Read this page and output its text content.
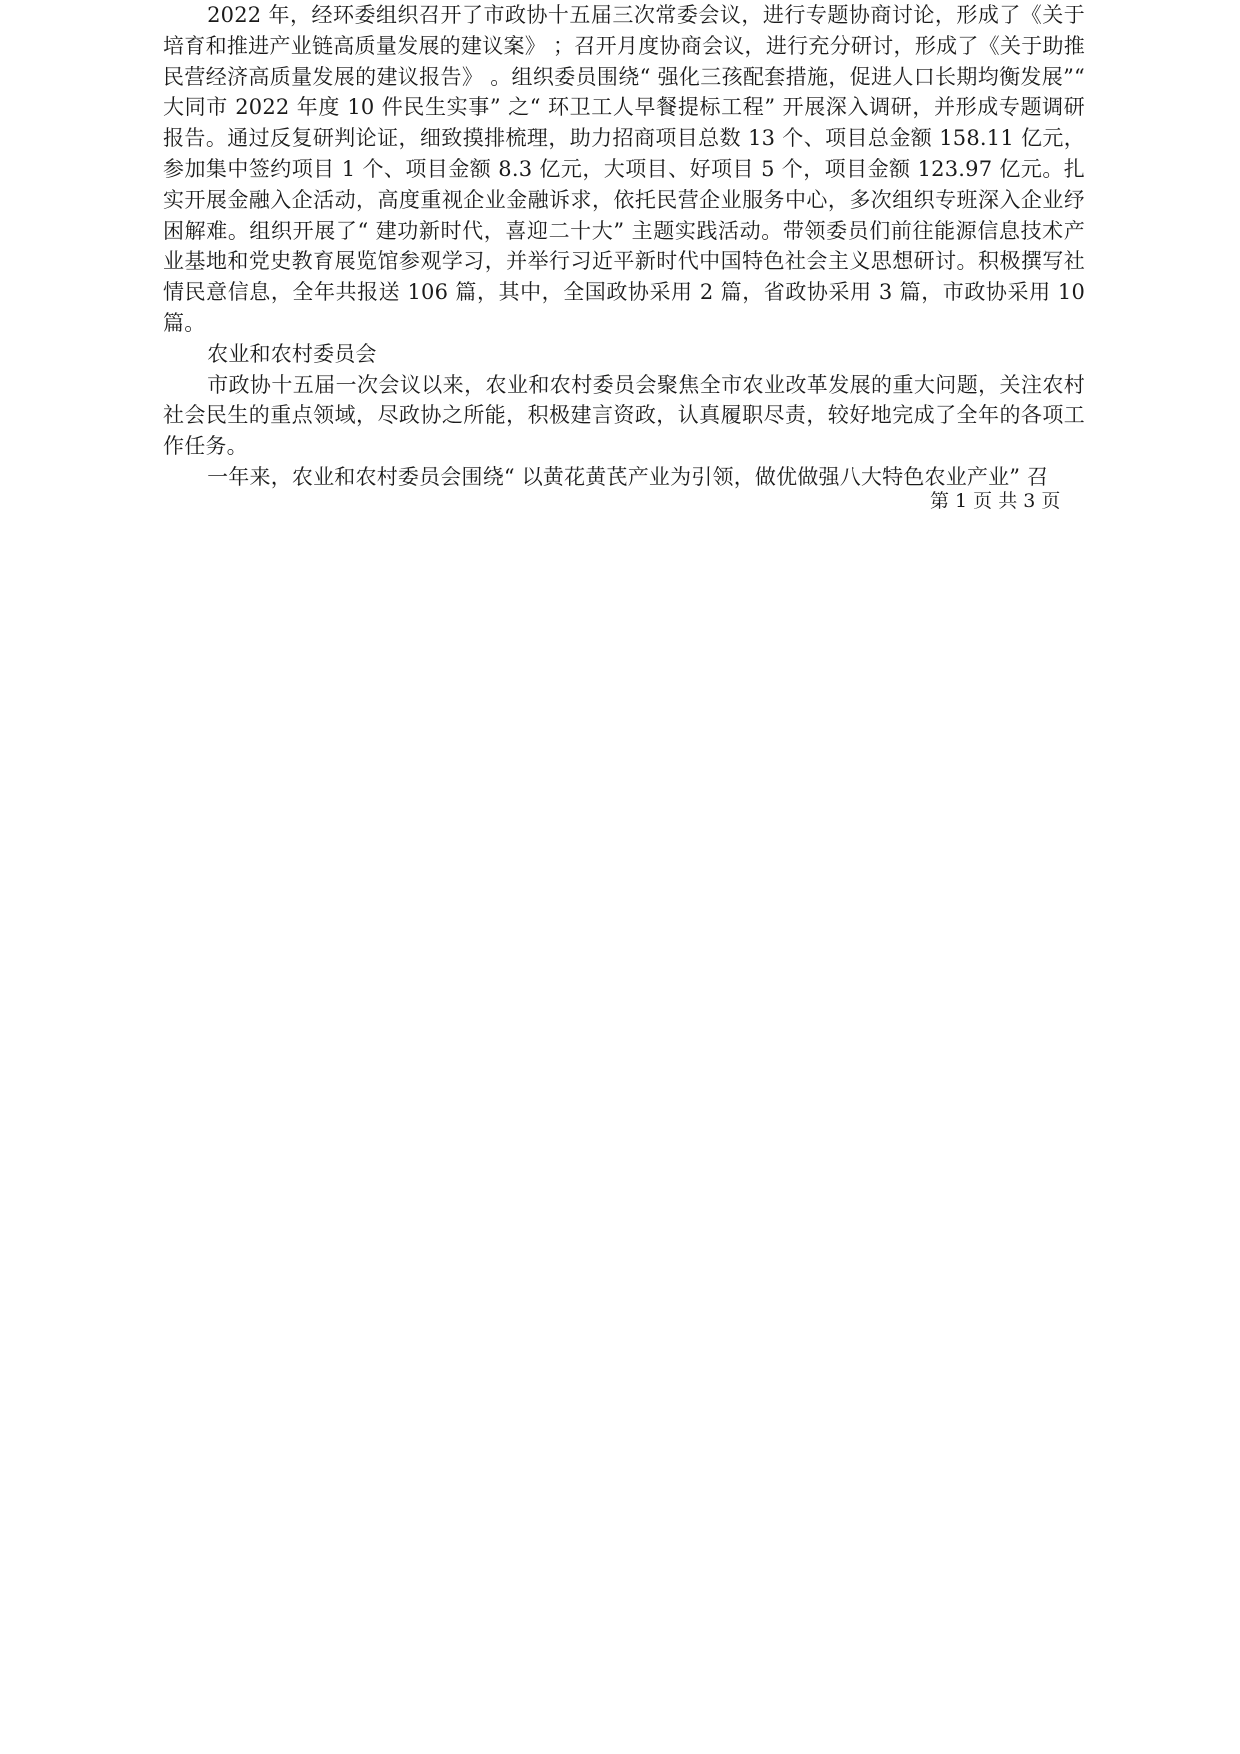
2022 年，经环委组织召开了市政协十五届三次常委会议，进行专题协商讨论，形成了《关于培育和推进产业链高质量发展的建议案》 ；召开月度协商会议，进行充分研讨，形成了《关于助推民营经济高质量发展的建议报告》 。组织委员围绕“ 强化三孩配套措施，促进人口长期均衡发展”“ 大同市 2022 年度 10 件民生实事” 之“ 环卫工人早餐提标工程” 开展深入调研，并形成专题调研报告。通过反复研判论证，细致摸排梳理，助力招商项目总数 13 个、项目总金额 158.11 亿元，参加集中签约项目 1 个、项目金额 8.3 亿元，大项目、好项目 5 个，项目金额 123.97 亿元。扎实开展金融入企活动，高度重视企业金融诉求，依托民营企业服务中心，多次组织专班深入企业纾困解难。组织开展了“ 建功新时代，喜迎二十大” 主题实践活动。带领委员们前往能源信息技术产业基地和党史教育展览馆参观学习，并举行习近平新时代中国特色社会主义思想研讨。积极撰写社情民意信息，全年共报送 106 篇，其中，全国政协采用 2 篇，省政协采用 3 篇，市政协采用 10 篇。

农业和农村委员会

市政协十五届一次会议以来，农业和农村委员会聚焦全市农业改革发展的重大问题，关注农村社会民生的重点领域，尽政协之所能，积极建言资政，认真履职尽责，较好地完成了全年的各项工作任务。

一年来，农业和农村委员会围绕“ 以黄花黄芪产业为引领，做优做强八大特色农业产业” 召

第 1 页 共 3 页
